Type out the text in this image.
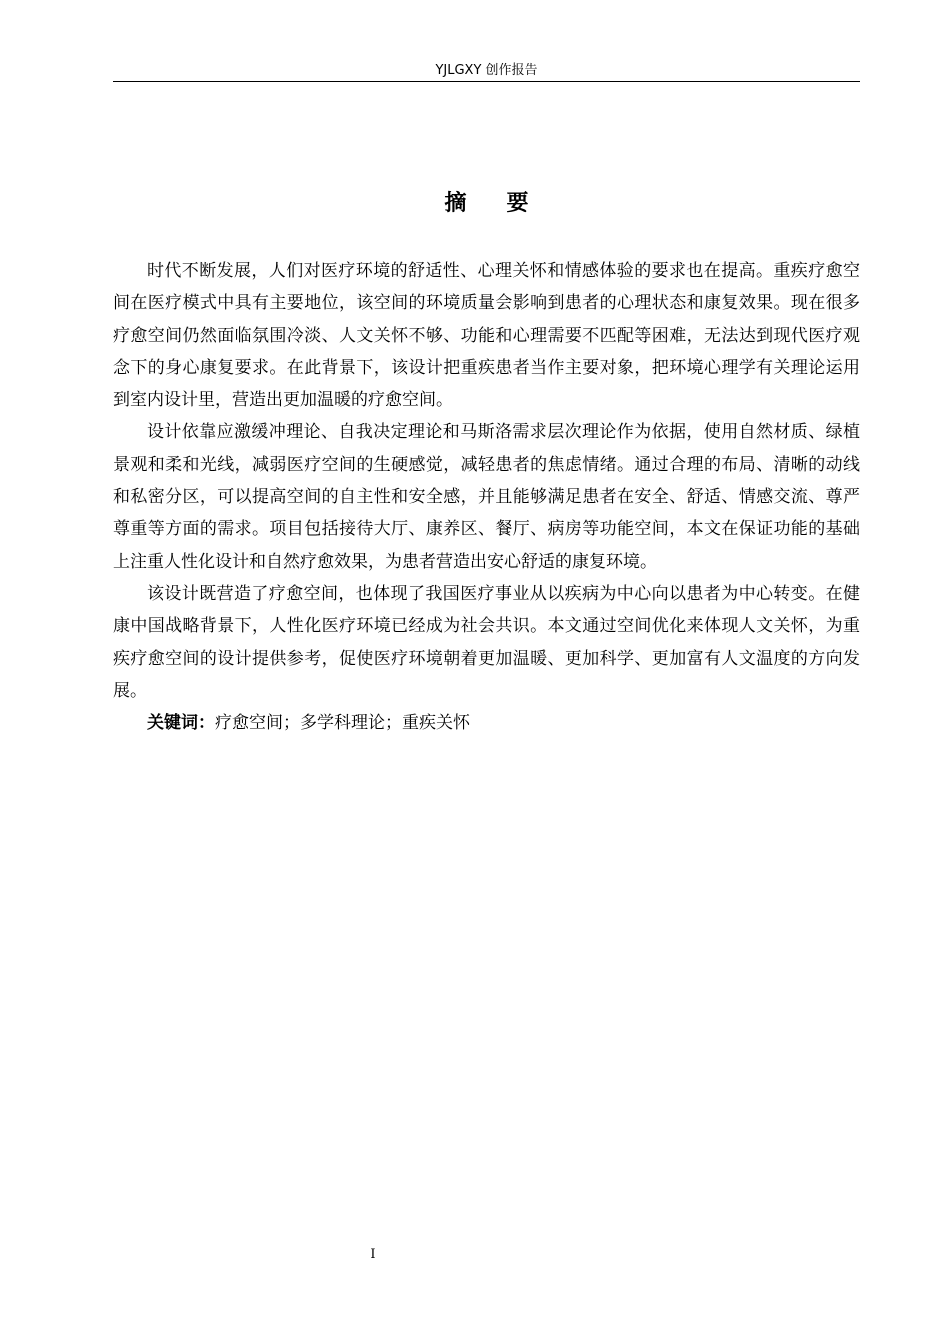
YJLGXY 创作报告
摘要

时代不断发展，人们对医疗环境的舒适性、心理关怀和情感体验的要求也在提高。重疾疗愈空间在医疗模式中具有主要地位，该空间的环境质量会影响到患者的心理状态和康复效果。现在很多疗愈空间仍然面临氛围冷淡、人文关怀不够、功能和心理需要不匹配等困难，无法达到现代医疗观念下的身心康复要求。在此背景下，该设计把重疾患者当作主要对象，把环境心理学有关理论运用到室内设计里，营造出更加温暖的疗愈空间。

设计依靠应激缓冲理论、自我决定理论和马斯洛需求层次理论作为依据，使用自然材质、绿植景观和柔和光线，减弱医疗空间的生硬感觉，减轻患者的焦虑情绪。通过合理的布局、清晰的动线和私密分区，可以提高空间的自主性和安全感，并且能够满足患者在安全、舒适、情感交流、尊严尊重等方面的需求。项目包括接待大厅、康养区、餐厅、病房等功能空间，本文在保证功能的基础上注重人性化设计和自然疗愈效果，为患者营造出安心舒适的康复环境。

该设计既营造了疗愈空间，也体现了我国医疗事业从以疾病为中心向以患者为中心转变。在健康中国战略背景下，人性化医疗环境已经成为社会共识。本文通过空间优化来体现人文关怀，为重疾疗愈空间的设计提供参考，促使医疗环境朝着更加温暖、更加科学、更加富有人文温度的方向发展。

关键词：疗愈空间；多学科理论；重疾关怀

I
